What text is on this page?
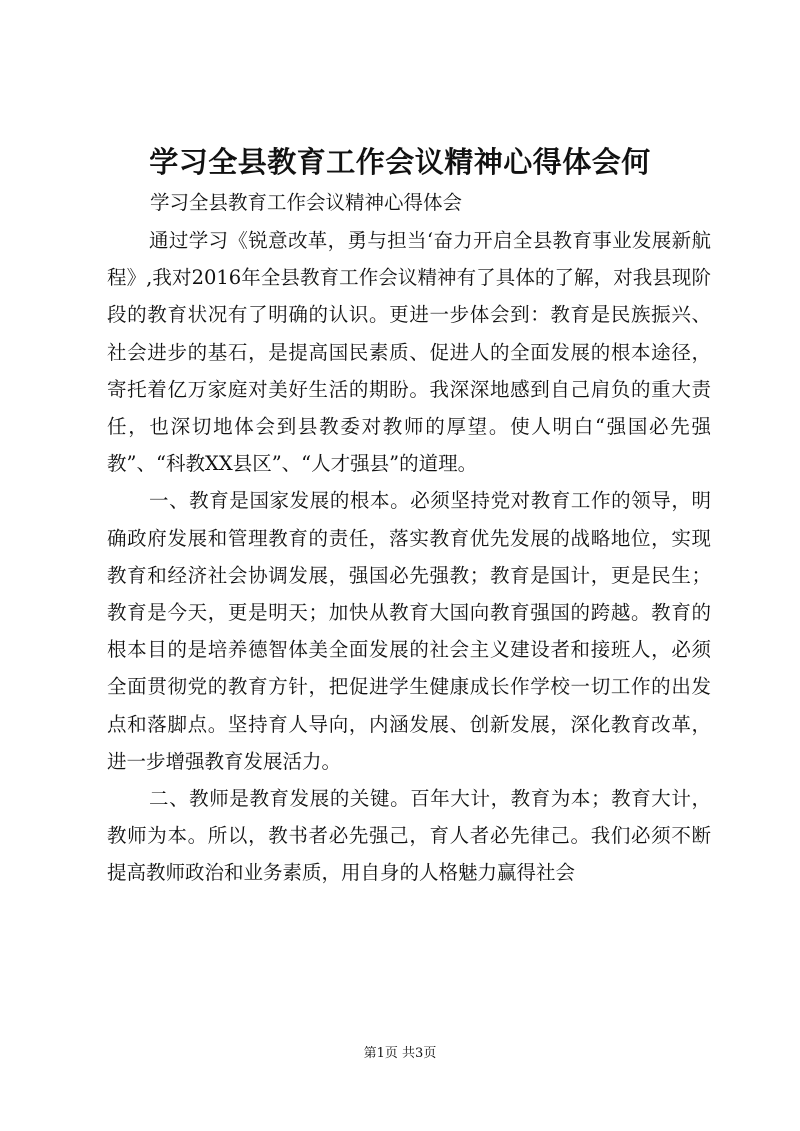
学习全县教育工作会议精神心得体会何
学习全县教育工作会议精神心得体会

通过学习《锐意改革，勇与担当‘奋力开启全县教育事业发展新航程》,我对2016年全县教育工作会议精神有了具体的了解，对我县现阶段的教育状况有了明确的认识。更进一步体会到：教育是民族振兴、社会进步的基石，是提高国民素质、促进人的全面发展的根本途径，寄托着亿万家庭对美好生活的期盼。我深深地感到自己肩负的重大责任，也深切地体会到县教委对教师的厚望。使人明白“强国必先强教”、“科教XX县区”、“人才强县”的道理。

一、教育是国家发展的根本。必须坚持党对教育工作的领导，明确政府发展和管理教育的责任，落实教育优先发展的战略地位，实现教育和经济社会协调发展，强国必先强教；教育是国计，更是民生；教育是今天，更是明天；加快从教育大国向教育强国的跨越。教育的根本目的是培养德智体美全面发展的社会主义建设者和接班人，必须全面贯彻党的教育方针，把促进学生健康成长作学校一切工作的出发点和落脚点。坚持育人导向，内涵发展、创新发展，深化教育改革，进一步增强教育发展活力。

二、教师是教育发展的关键。百年大计，教育为本；教育大计，教师为本。所以，教书者必先强己，育人者必先律己。我们必须不断提高教师政治和业务素质，用自身的人格魅力赢得社会

第1页 共3页
